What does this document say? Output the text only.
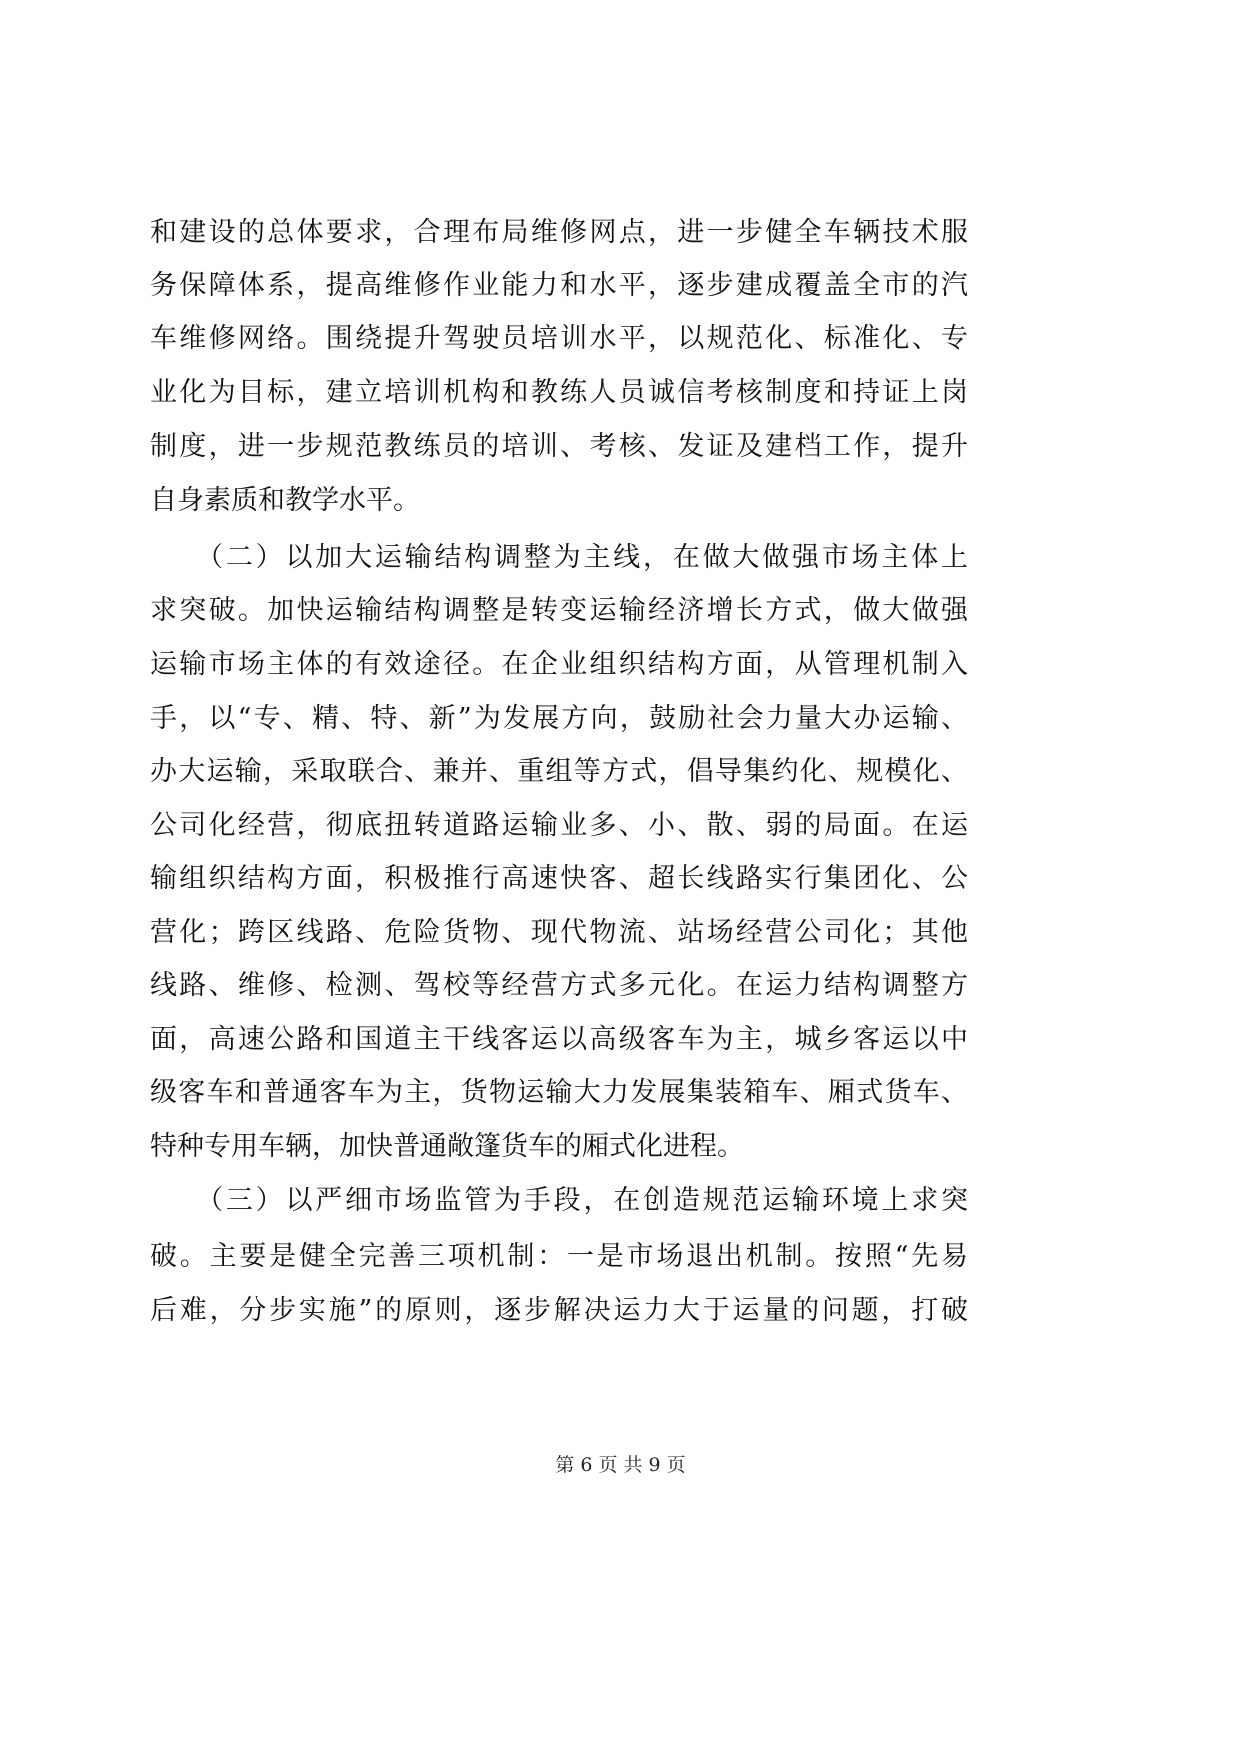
和建设的总体要求，合理布局维修网点，进一步健全车辆技术服
务保障体系，提高维修作业能力和水平，逐步建成覆盖全市的汽
车维修网络。围绕提升驾驶员培训水平，以规范化、标准化、专
业化为目标，建立培训机构和教练人员诚信考核制度和持证上岗
制度，进一步规范教练员的培训、考核、发证及建档工作，提升
自身素质和教学水平。
　　（二）以加大运输结构调整为主线，在做大做强市场主体上
求突破。加快运输结构调整是转变运输经济增长方式，做大做强
运输市场主体的有效途径。在企业组织结构方面，从管理机制入
手，以“专、精、特、新”为发展方向，鼓励社会力量大办运输、
办大运输，采取联合、兼并、重组等方式，倡导集约化、规模化、
公司化经营，彻底扭转道路运输业多、小、散、弱的局面。在运
输组织结构方面，积极推行高速快客、超长线路实行集团化、公
营化；跨区线路、危险货物、现代物流、站场经营公司化；其他
线路、维修、检测、驾校等经营方式多元化。在运力结构调整方
面，高速公路和国道主干线客运以高级客车为主，城乡客运以中
级客车和普通客车为主，货物运输大力发展集装箱车、厢式货车、
特种专用车辆，加快普通敞篷货车的厢式化进程。
　　（三）以严细市场监管为手段，在创造规范运输环境上求突
破。主要是健全完善三项机制：一是市场退出机制。按照“先易
后难，分步实施”的原则，逐步解决运力大于运量的问题，打破
第 6 页 共 9 页
